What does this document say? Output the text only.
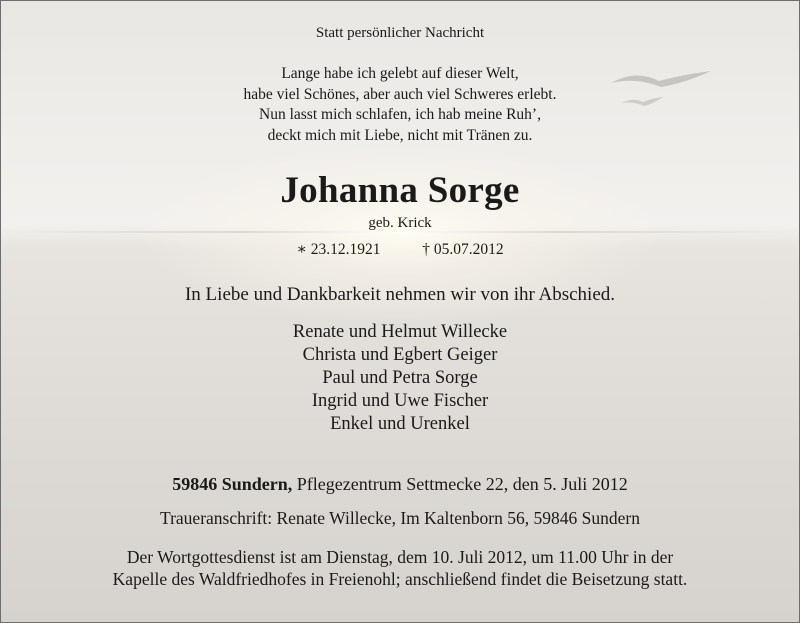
Statt persönlicher Nachricht
Lange habe ich gelebt auf dieser Welt,
habe viel Schönes, aber auch viel Schweres erlebt.
Nun lasst mich schlafen, ich hab meine Ruh’,
deckt mich mit Liebe, nicht mit Tränen zu.
Johanna Sorge
geb. Krick
∗ 23.12.1921	† 05.07.2012
In Liebe und Dankbarkeit nehmen wir von ihr Abschied.
Renate und Helmut Willecke
Christa und Egbert Geiger
Paul und Petra Sorge
Ingrid und Uwe Fischer
Enkel und Urenkel
59846 Sundern, Pflegezentrum Settmecke 22, den 5. Juli 2012
Traueranschrift: Renate Willecke, Im Kaltenborn 56, 59846 Sundern
Der Wortgottesdienst ist am Dienstag, dem 10. Juli 2012, um 11.00 Uhr in der
Kapelle des Waldfriedhofes in Freienohl; anschließend findet die Beisetzung statt.
